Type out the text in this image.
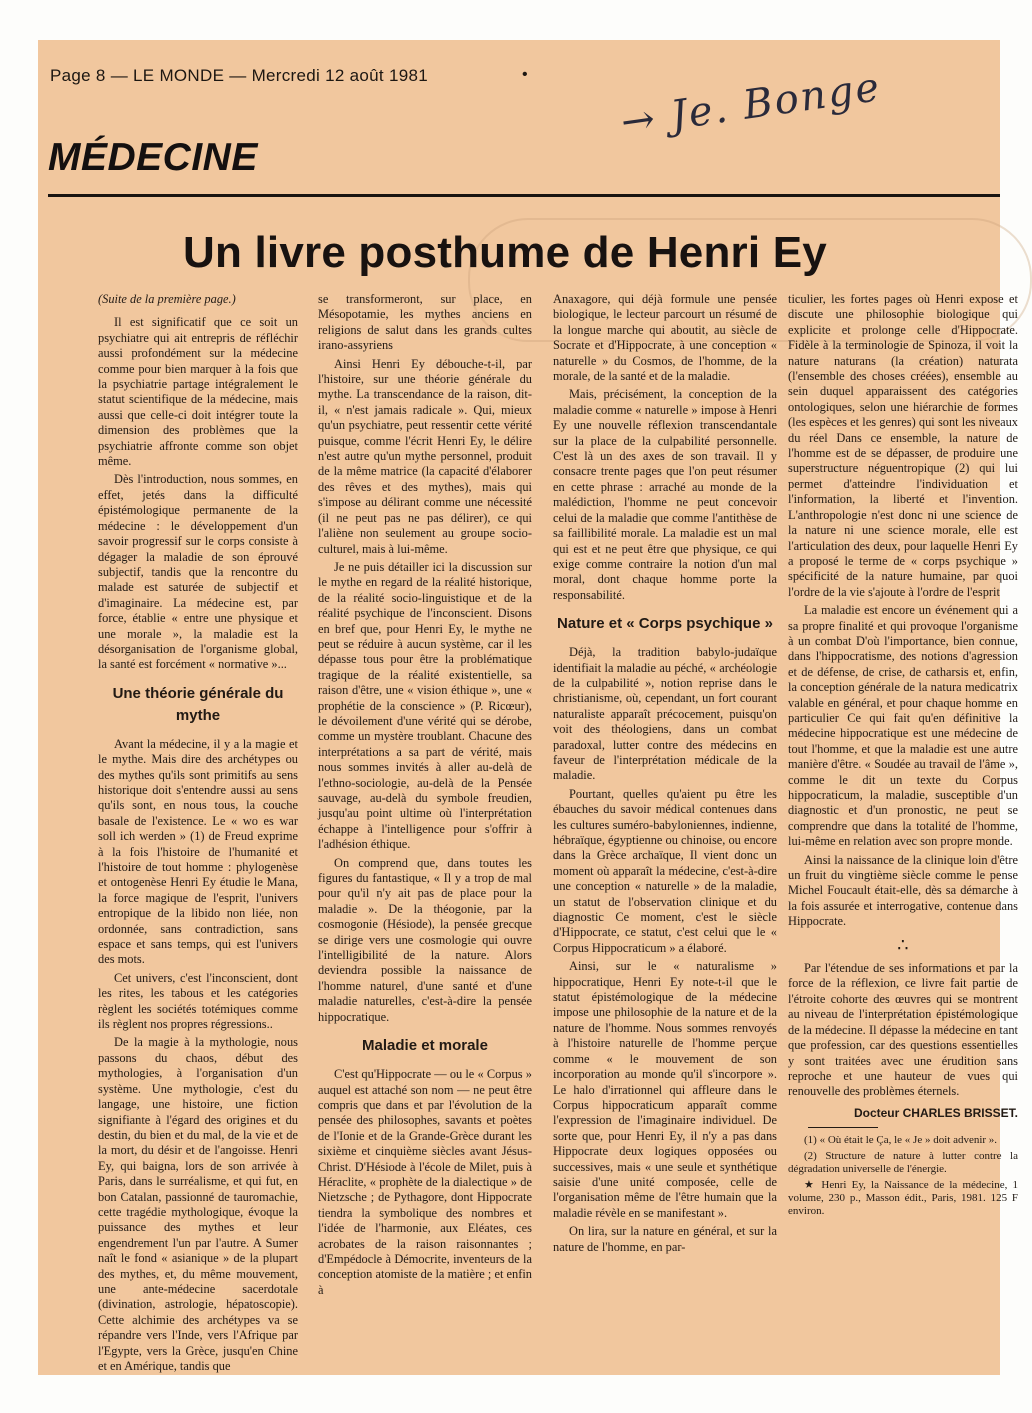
Page 8 — LE MONDE — Mercredi 12 août 1981	• → Je. Bonge
MÉDECINE
Un livre posthume de Henri Ey

(Suite de la première page.)

Il est significatif que ce soit un psychiatre qui ait entrepris de réfléchir aussi profondément sur la médecine comme pour bien marquer à la fois que la psychiatrie partage intégralement le statut scientifique de la médecine, mais aussi que celle-ci doit intégrer toute la dimension des problèmes que la psychiatrie affronte comme son objet même.

Dès l'introduction, nous sommes, en effet, jetés dans la difficulté épistémologique permanente de la médecine : le développement d'un savoir progressif sur le corps consiste à dégager la maladie de son éprouvé subjectif, tandis que la rencontre du malade est saturée de subjectif et d'imaginaire. La médecine est, par force, établie « entre une physique et une morale », la maladie est la désorganisation de l'organisme global, la santé est forcément « normative »...

Une théorie générale du mythe

Avant la médecine, il y a la magie et le mythe. Mais dire des archétypes ou des mythes qu'ils sont primitifs au sens historique doit s'entendre aussi au sens qu'ils sont, en nous tous, la couche basale de l'existence. Le « wo es war soll ich werden » (1) de Freud exprime à la fois l'histoire de l'humanité et l'histoire de tout homme : phylogenèse et ontogenèse Henri Ey étudie le Mana, la force magique de l'esprit, l'univers entropique de la libido non liée, non ordonnée, sans contradiction, sans espace et sans temps, qui est l'univers des mots.

Cet univers, c'est l'inconscient, dont les rites, les tabous et les catégories règlent les sociétés totémiques comme ils règlent nos propres régressions..

De la magie à la mythologie, nous passons du chaos, début des mythologies, à l'organisation d'un système. Une mythologie, c'est du langage, une histoire, une fiction signifiante à l'égard des origines et du destin, du bien et du mal, de la vie et de la mort, du désir et de l'angoisse. Henri Ey, qui baigna, lors de son arrivée à Paris, dans le surréalisme, et qui fut, en bon Catalan, passionné de tauromachie, cette tragédie mythologique, évoque la puissance des mythes et leur engendrement l'un par l'autre. A Sumer naît le fond « asianique » de la plupart des mythes, et, du même mouvement, une ante-médecine sacerdotale (divination, astrologie, hépatoscopie). Cette alchimie des archétypes va se répandre vers l'Inde, vers l'Afrique par l'Egypte, vers la Grèce, jusqu'en Chine et en Amérique, tandis que

se transformeront, sur place, en Mésopotamie, les mythes anciens en religions de salut dans les grands cultes irano-assyriens

Ainsi Henri Ey débouche-t-il, par l'histoire, sur une théorie générale du mythe. La transcendance de la raison, dit-il, « n'est jamais radicale ». Qui, mieux qu'un psychiatre, peut ressentir cette vérité puisque, comme l'écrit Henri Ey, le délire n'est autre qu'un mythe personnel, produit de la même matrice (la capacité d'élaborer des rêves et des mythes), mais qui s'impose au délirant comme une nécessité (il ne peut pas ne pas délirer), ce qui l'aliène non seulement au groupe socio-culturel, mais à lui-même.

Je ne puis détailler ici la discussion sur le mythe en regard de la réalité historique, de la réalité socio-linguistique et de la réalité psychique de l'inconscient. Disons en bref que, pour Henri Ey, le mythe ne peut se réduire à aucun système, car il les dépasse tous pour être la problématique tragique de la réalité existentielle, sa raison d'être, une « vision éthique », une « prophétie de la conscience » (P. Ricœur), le dévoilement d'une vérité qui se dérobe, comme un mystère troublant. Chacune des interprétations a sa part de vérité, mais nous sommes invités à aller au-delà de l'ethno-sociologie, au-delà de la Pensée sauvage, au-delà du symbole freudien, jusqu'au point ultime où l'interprétation échappe à l'intelligence pour s'offrir à l'adhésion éthique.

On comprend que, dans toutes les figures du fantastique, « Il y a trop de mal pour qu'il n'y ait pas de place pour la maladie ». De la théogonie, par la cosmogonie (Hésiode), la pensée grecque se dirige vers une cosmologie qui ouvre l'intelligibilité de la nature. Alors deviendra possible la naissance de l'homme naturel, d'une santé et d'une maladie naturelles, c'est-à-dire la pensée hippocratique.

Maladie et morale

C'est qu'Hippocrate — ou le « Corpus » auquel est attaché son nom — ne peut être compris que dans et par l'évolution de la pensée des philosophes, savants et poètes de l'Ionie et de la Grande-Grèce durant les sixième et cinquième siècles avant Jésus-Christ. D'Hésiode à l'école de Milet, puis à Héraclite, « prophète de la dialectique » de Nietzsche ; de Pythagore, dont Hippocrate tiendra la symbolique des nombres et l'idée de l'harmonie, aux Eléates, ces acrobates de la raison raisonnantes ; d'Empédocle à Démocrite, inventeurs de la conception atomiste de la matière ; et enfin à

Anaxagore, qui déjà formule une pensée biologique, le lecteur parcourt un résumé de la longue marche qui aboutit, au siècle de Socrate et d'Hippocrate, à une conception « naturelle » du Cosmos, de l'homme, de la morale, de la santé et de la maladie.

Mais, précisément, la conception de la maladie comme « naturelle » impose à Henri Ey une nouvelle réflexion transcendantale sur la place de la culpabilité personnelle. C'est là un des axes de son travail. Il y consacre trente pages que l'on peut résumer en cette phrase : arraché au monde de la malédiction, l'homme ne peut concevoir celui de la maladie que comme l'antithèse de sa faillibilité morale. La maladie est un mal qui est et ne peut être que physique, ce qui exige comme contraire la notion d'un mal moral, dont chaque homme porte la responsabilité.

Nature et « Corps psychique »

Déjà, la tradition babylo-judaïque identifiait la maladie au péché, « archéologie de la culpabilité », notion reprise dans le christianisme, où, cependant, un fort courant naturaliste apparaît précocement, puisqu'on voit des théologiens, dans un combat paradoxal, lutter contre des médecins en faveur de l'interprétation médicale de la maladie.

Pourtant, quelles qu'aient pu être les ébauches du savoir médical contenues dans les cultures suméro-babyloniennes, indienne, hébraïque, égyptienne ou chinoise, ou encore dans la Grèce archaïque, Il vient donc un moment où apparaît la médecine, c'est-à-dire une conception « naturelle » de la maladie, un statut de l'observation clinique et du diagnostic Ce moment, c'est le siècle d'Hippocrate, ce statut, c'est celui que le « Corpus Hippocraticum » a élaboré.

Ainsi, sur le « naturalisme » hippocratique, Henri Ey note-t-il que le statut épistémologique de la médecine impose une philosophie de la nature et de la nature de l'homme. Nous sommes renvoyés à l'histoire naturelle de l'homme perçue comme « le mouvement de son incorporation au monde qu'il s'incorpore ». Le halo d'irrationnel qui affleure dans le Corpus hippocraticum apparaît comme l'expression de l'imaginaire individuel. De sorte que, pour Henri Ey, il n'y a pas dans Hippocrate deux logiques opposées ou successives, mais « une seule et synthétique saisie d'une unité composée, celle de l'organisation même de l'être humain que la maladie révèle en se manifestant ».

On lira, sur la nature en général, et sur la nature de l'homme, en par-

ticulier, les fortes pages où Henri expose et discute une philosophie biologique qui explicite et prolonge celle d'Hippocrate. Fidèle à la terminologie de Spinoza, il voit la nature naturans (la création) naturata (l'ensemble des choses créées), ensemble au sein duquel apparaissent des catégories ontologiques, selon une hiérarchie de formes (les espèces et les genres) qui sont les niveaux du réel Dans ce ensemble, la nature de l'homme est de se dépasser, de produire une superstructure néguentropique (2) qui lui permet d'atteindre l'individuation et l'information, la liberté et l'invention. L'anthropologie n'est donc ni une science de la nature ni une science morale, elle est l'articulation des deux, pour laquelle Henri Ey a proposé le terme de « corps psychique » spécificité de la nature humaine, par quoi l'ordre de la vie s'ajoute à l'ordre de l'esprit

La maladie est encore un événement qui a sa propre finalité et qui provoque l'organisme à un combat D'où l'importance, bien connue, dans l'hippocratisme, des notions d'agression et de défense, de crise, de catharsis et, enfin, la conception générale de la natura medicatrix valable en général, et pour chaque homme en particulier Ce qui fait qu'en définitive la médecine hippocratique est une médecine de tout l'homme, et que la maladie est une autre manière d'être. « Soudée au travail de l'âme », comme le dit un texte du Corpus hippocraticum, la maladie, susceptible d'un diagnostic et d'un pronostic, ne peut se comprendre que dans la totalité de l'homme, lui-même en relation avec son propre monde.

Ainsi la naissance de la clinique loin d'être un fruit du vingtième siècle comme le pense Michel Foucault était-elle, dès sa démarche à la fois assurée et interrogative, contenue dans Hippocrate.

∴

Par l'étendue de ses informations et par la force de la réflexion, ce livre fait partie de l'étroite cohorte des œuvres qui se montrent au niveau de l'interprétation épistémologique de la médecine. Il dépasse la médecine en tant que profession, car des questions essentielles y sont traitées avec une érudition sans reproche et une hauteur de vues qui renouvelle des problèmes éternels.

Docteur CHARLES BRISSET.

(1) « Où était le Ça, le « Je » doit advenir ».

(2) Structure de nature à lutter contre la dégradation universelle de l'énergie.

★ Henri Ey, la Naissance de la médecine, 1 volume, 230 p., Masson édit., Paris, 1981. 125 F environ.
